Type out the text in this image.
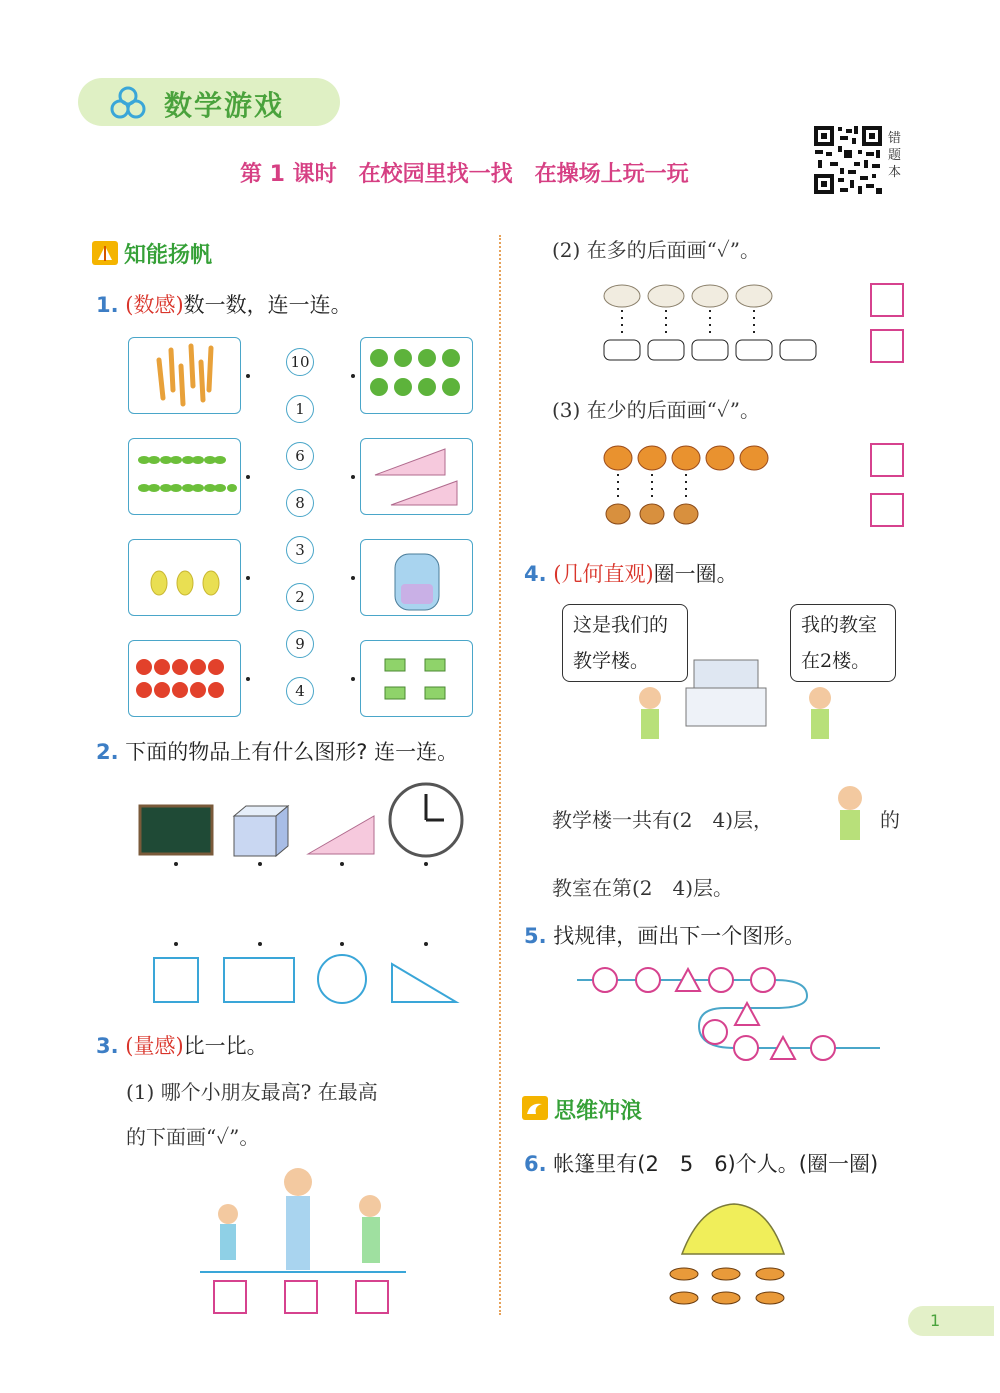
数学游戏
第 1 课时　在校园里找一找　在操场上玩一玩
错题本
知能扬帆
1. (数感)数一数，连一连。
10
1
6
8
3
2
9
4
2. 下面的物品上有什么图形? 连一连。
3. (量感)比一比。
(1) 哪个小朋友最高? 在最高
的下面画“✓”。
(2) 在多的后面画“✓”。
(3) 在少的后面画“✓”。
4. (几何直观)圈一圈。
这是我们的
教学楼。
我的教室
在2楼。
教学楼一共有(2　4)层，	的
教室在第(2　4)层。
5. 找规律，画出下一个图形。
思维冲浪
6. 帐篷里有(2　5　6)个人。(圈一圈)
1
